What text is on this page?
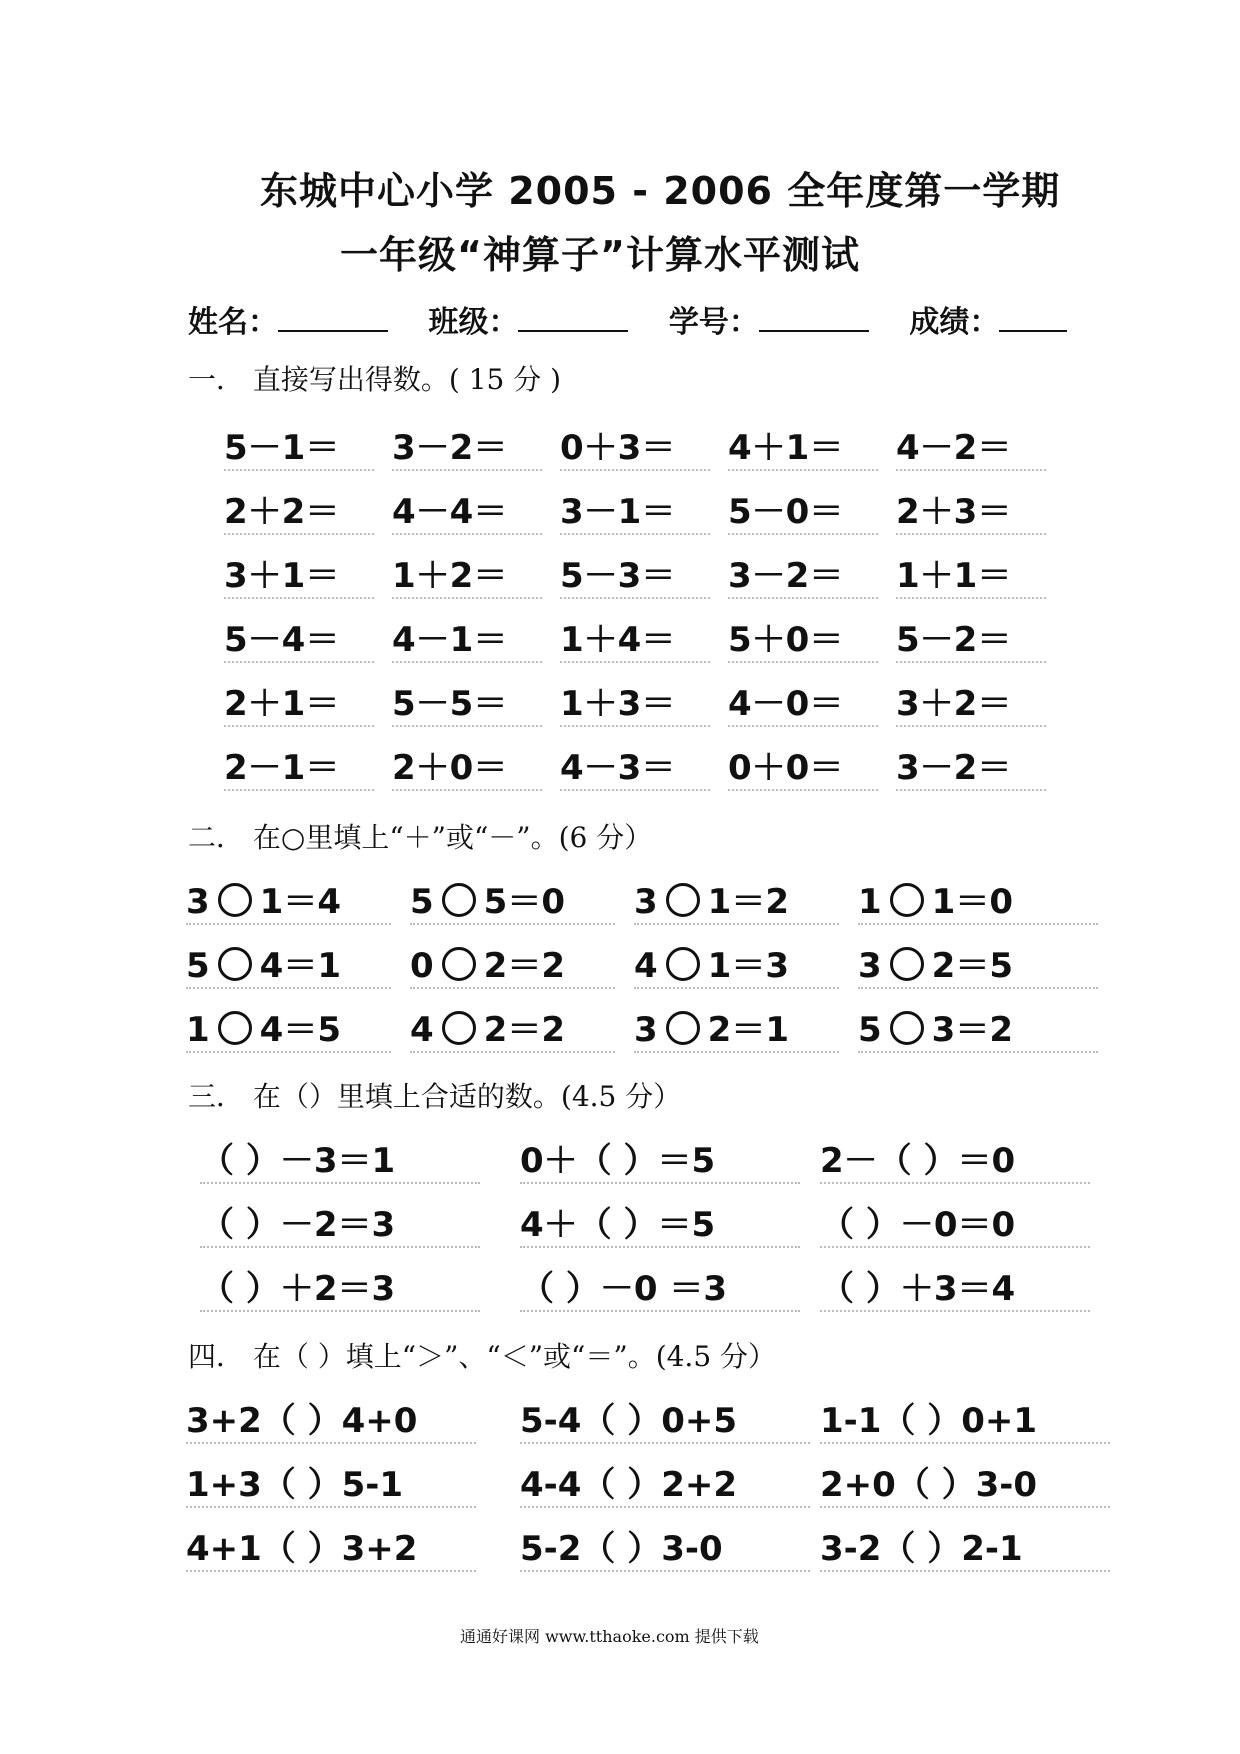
东城中心小学 2005 - 2006 全年度第一学期
一年级“神算子”计算水平测试
姓名：	班级：	学号：	成绩：
一． 直接写出得数。( 15 分 )
5－1＝	3－2＝	0＋3＝	4＋1＝	4－2＝
2＋2＝	4－4＝	3－1＝	5－0＝	2＋3＝
3＋1＝	1＋2＝	5－3＝	3－2＝	1＋1＝
5－4＝	4－1＝	1＋4＝	5＋0＝	5－2＝
2＋1＝	5－5＝	1＋3＝	4－0＝	3＋2＝
2－1＝	2＋0＝	4－3＝	0＋0＝	3－2＝
二． 在○里填上“＋”或“－”。(6 分）
3 1＝4	5 5＝0	3 1＝2	1 1＝0
5 4＝1	0 2＝2	4 1＝3	3 2＝5
1 4＝5	4 2＝2	3 2＝1	5 3＝2
三． 在（）里填上合适的数。(4.5 分）
（ ）－3＝1	0＋（ ）＝5	2－（ ）＝0
（ ）－2＝3	4＋（ ）＝5	（ ）－0＝0
（ ）＋2＝3	（ ）－0 ＝3	（ ）＋3＝4
四． 在（ ）填上“＞”、“＜”或“＝”。(4.5 分）
3+2（ ）4+0	5-4（ ）0+5	1-1（ ）0+1
1+3（ ）5-1	4-4（ ）2+2	2+0（ ）3-0
4+1（ ）3+2	5-2（ ）3-0	3-2（ ）2-1
通通好课网 www.tthaoke.com 提供下载
